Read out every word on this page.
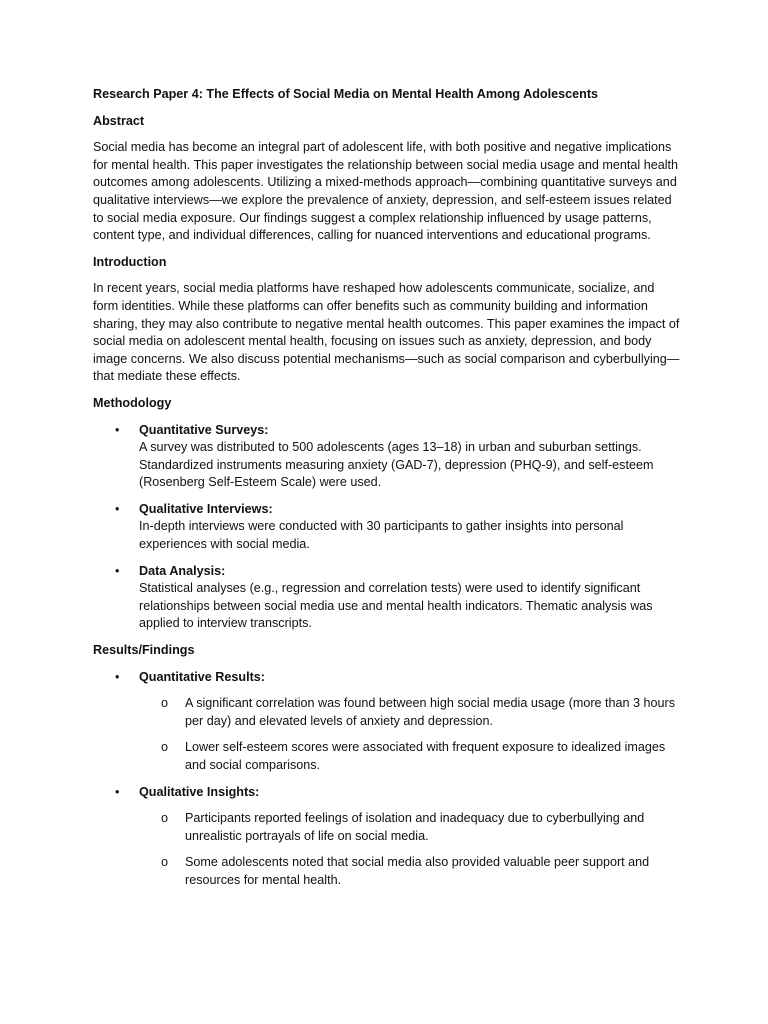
Research Paper 4: The Effects of Social Media on Mental Health Among Adolescents

Abstract

Social media has become an integral part of adolescent life, with both positive and negative implications for mental health. This paper investigates the relationship between social media usage and mental health outcomes among adolescents. Utilizing a mixed-methods approach—combining quantitative surveys and qualitative interviews—we explore the prevalence of anxiety, depression, and self-esteem issues related to social media exposure. Our findings suggest a complex relationship influenced by usage patterns, content type, and individual differences, calling for nuanced interventions and educational programs.

Introduction

In recent years, social media platforms have reshaped how adolescents communicate, socialize, and form identities. While these platforms can offer benefits such as community building and information sharing, they may also contribute to negative mental health outcomes. This paper examines the impact of social media on adolescent mental health, focusing on issues such as anxiety, depression, and body image concerns. We also discuss potential mechanisms—such as social comparison and cyberbullying—that mediate these effects.

Methodology

• Quantitative Surveys:
A survey was distributed to 500 adolescents (ages 13–18) in urban and suburban settings. Standardized instruments measuring anxiety (GAD-7), depression (PHQ-9), and self-esteem (Rosenberg Self-Esteem Scale) were used.
• Qualitative Interviews:
In-depth interviews were conducted with 30 participants to gather insights into personal experiences with social media.
• Data Analysis:
Statistical analyses (e.g., regression and correlation tests) were used to identify significant relationships between social media use and mental health indicators. Thematic analysis was applied to interview transcripts.

Results/Findings

• Quantitative Results:
o A significant correlation was found between high social media usage (more than 3 hours per day) and elevated levels of anxiety and depression.
o Lower self-esteem scores were associated with frequent exposure to idealized images and social comparisons.
• Qualitative Insights:
o Participants reported feelings of isolation and inadequacy due to cyberbullying and unrealistic portrayals of life on social media.
o Some adolescents noted that social media also provided valuable peer support and resources for mental health.
